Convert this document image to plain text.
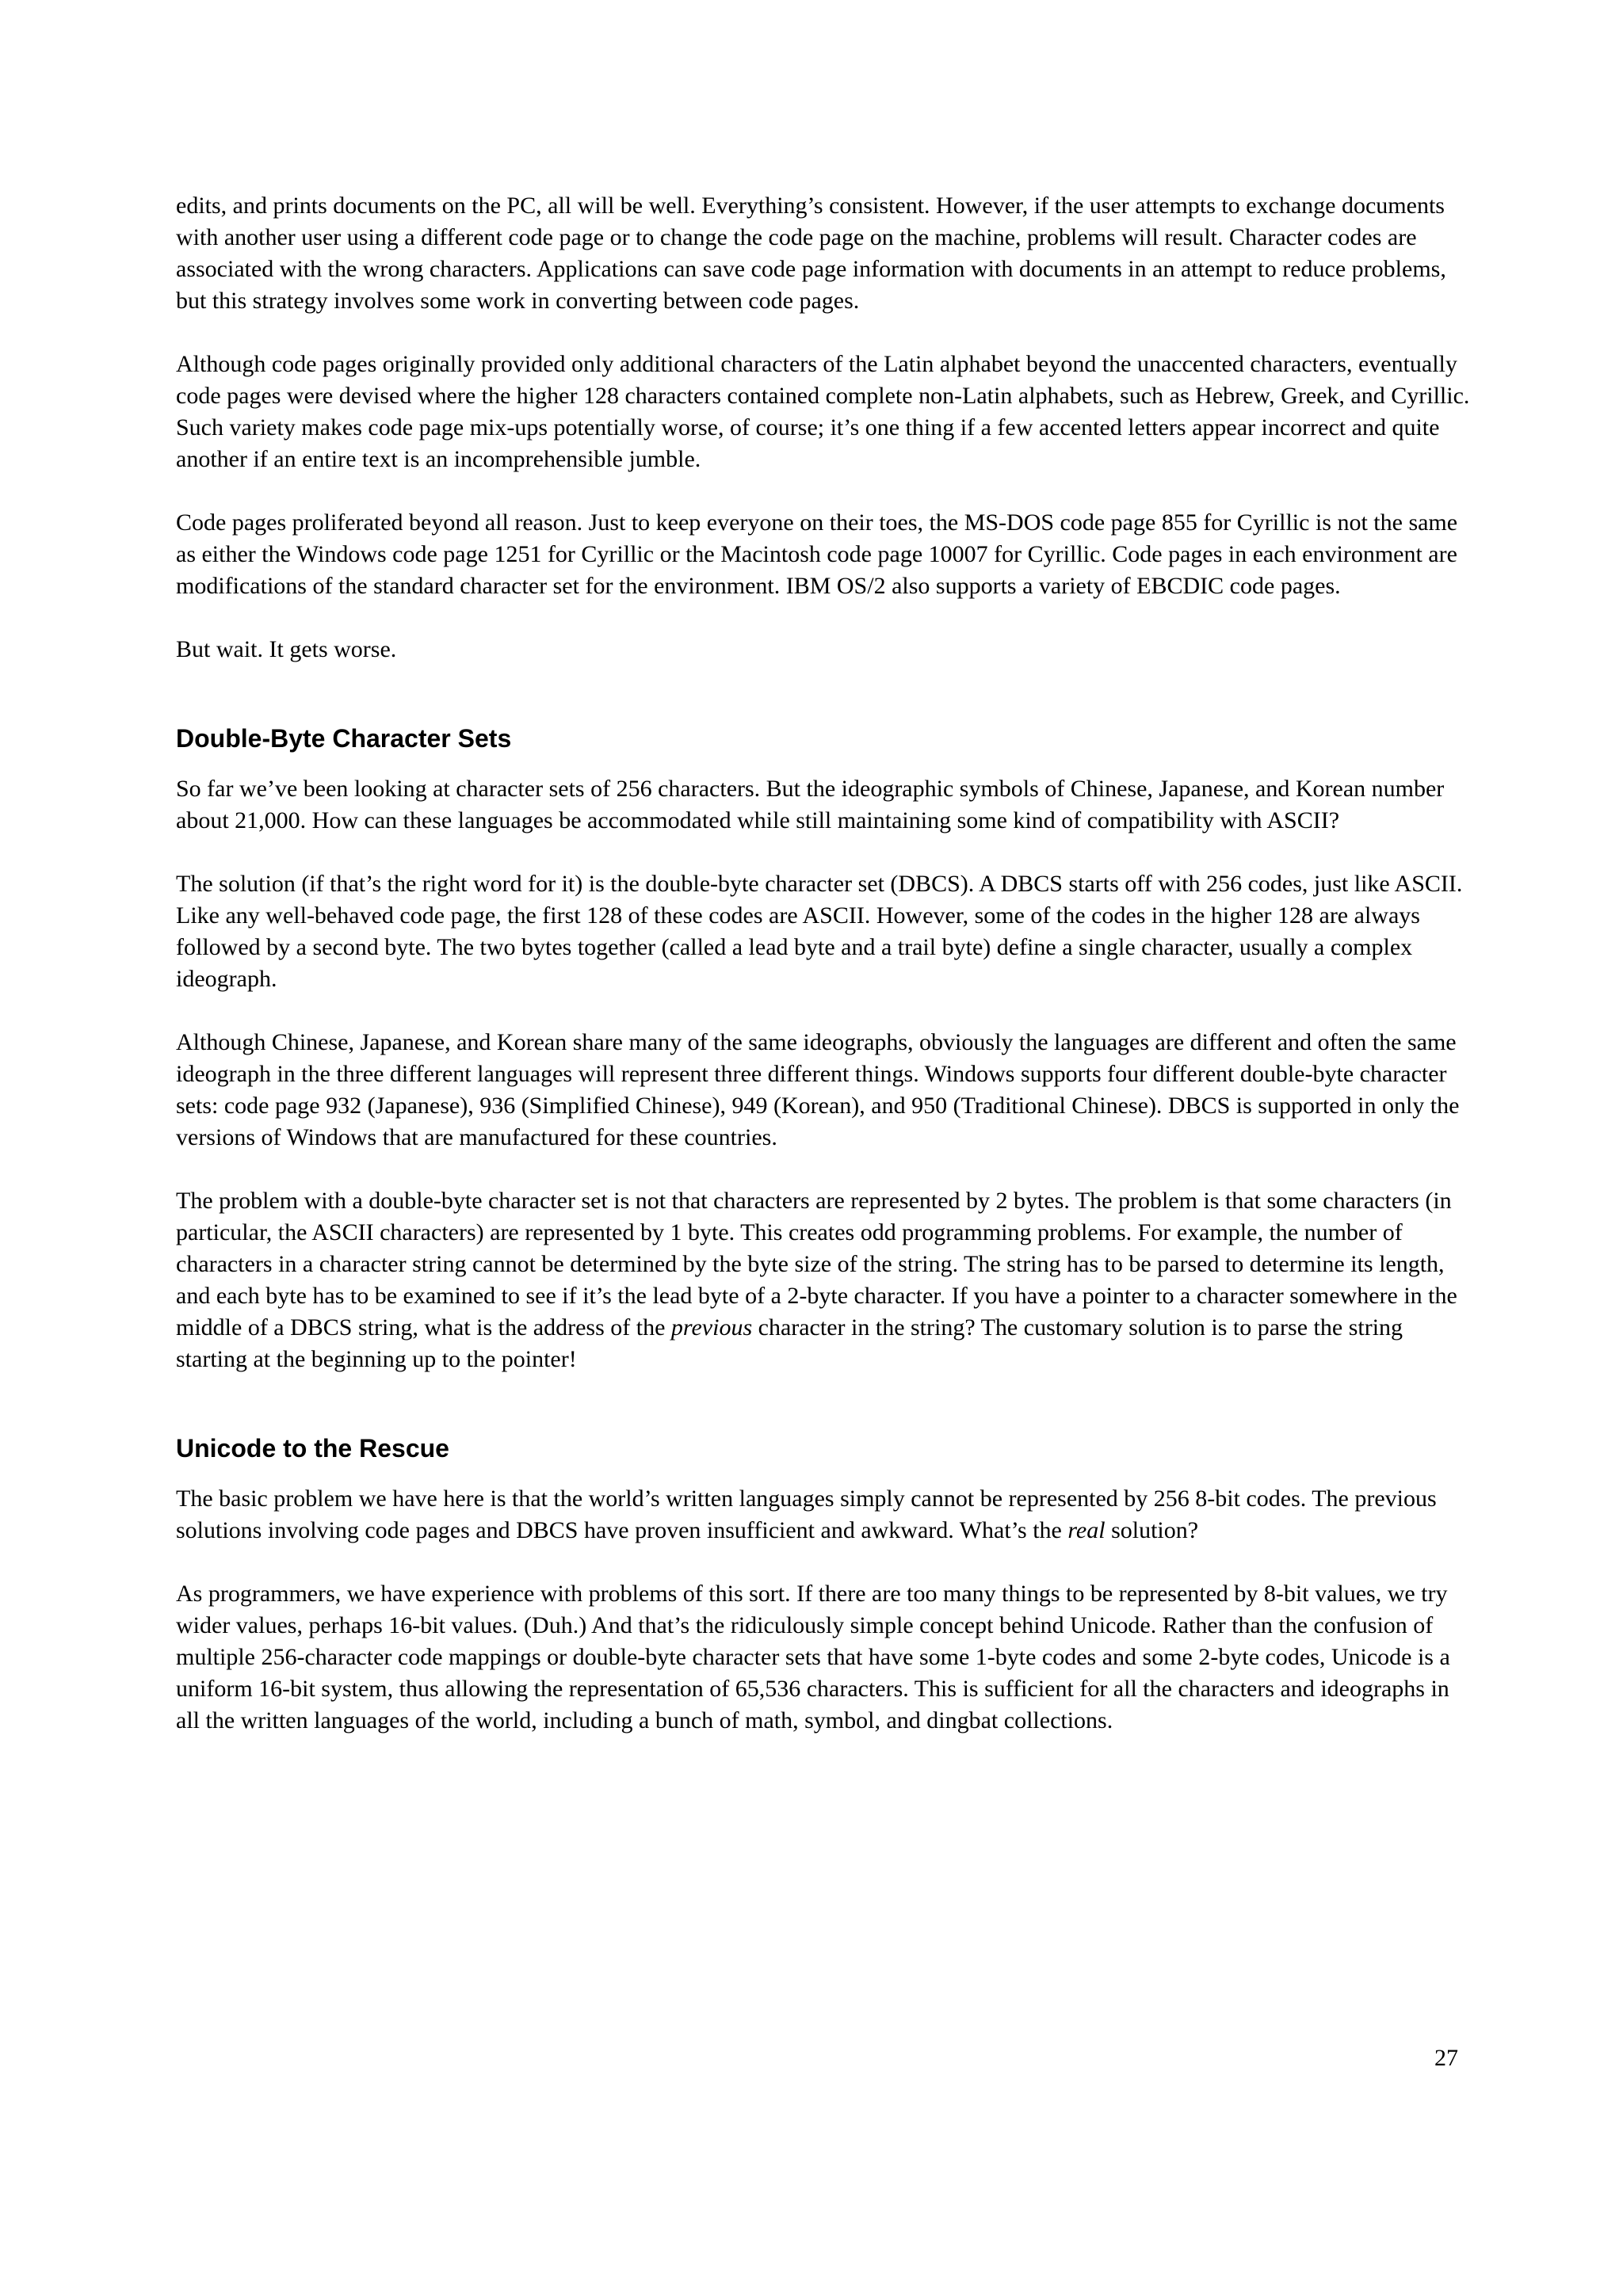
edits, and prints documents on the PC, all will be well. Everything’s consistent. However, if the user attempts to exchange documents with another user using a different code page or to change the code page on the machine, problems will result. Character codes are associated with the wrong characters. Applications can save code page information with documents in an attempt to reduce problems, but this strategy involves some work in converting between code pages.

Although code pages originally provided only additional characters of the Latin alphabet beyond the unaccented characters, eventually code pages were devised where the higher 128 characters contained complete non-Latin alphabets, such as Hebrew, Greek, and Cyrillic. Such variety makes code page mix-ups potentially worse, of course; it’s one thing if a few accented letters appear incorrect and quite another if an entire text is an incomprehensible jumble.

Code pages proliferated beyond all reason. Just to keep everyone on their toes, the MS-DOS code page 855 for Cyrillic is not the same as either the Windows code page 1251 for Cyrillic or the Macintosh code page 10007 for Cyrillic. Code pages in each environment are modifications of the standard character set for the environment. IBM OS/2 also supports a variety of EBCDIC code pages.

But wait. It gets worse.

Double-Byte Character Sets

So far we’ve been looking at character sets of 256 characters. But the ideographic symbols of Chinese, Japanese, and Korean number about 21,000. How can these languages be accommodated while still maintaining some kind of compatibility with ASCII?

The solution (if that’s the right word for it) is the double-byte character set (DBCS). A DBCS starts off with 256 codes, just like ASCII. Like any well-behaved code page, the first 128 of these codes are ASCII. However, some of the codes in the higher 128 are always followed by a second byte. The two bytes together (called a lead byte and a trail byte) define a single character, usually a complex ideograph.

Although Chinese, Japanese, and Korean share many of the same ideographs, obviously the languages are different and often the same ideograph in the three different languages will represent three different things. Windows supports four different double-byte character sets: code page 932 (Japanese), 936 (Simplified Chinese), 949 (Korean), and 950 (Traditional Chinese). DBCS is supported in only the versions of Windows that are manufactured for these countries.

The problem with a double-byte character set is not that characters are represented by 2 bytes. The problem is that some characters (in particular, the ASCII characters) are represented by 1 byte. This creates odd programming problems. For example, the number of characters in a character string cannot be determined by the byte size of the string. The string has to be parsed to determine its length, and each byte has to be examined to see if it’s the lead byte of a 2-byte character. If you have a pointer to a character somewhere in the middle of a DBCS string, what is the address of the previous character in the string? The customary solution is to parse the string starting at the beginning up to the pointer!

Unicode to the Rescue

The basic problem we have here is that the world’s written languages simply cannot be represented by 256 8-bit codes. The previous solutions involving code pages and DBCS have proven insufficient and awkward. What’s the real solution?

As programmers, we have experience with problems of this sort. If there are too many things to be represented by 8-bit values, we try wider values, perhaps 16-bit values. (Duh.) And that’s the ridiculously simple concept behind Unicode. Rather than the confusion of multiple 256-character code mappings or double-byte character sets that have some 1-byte codes and some 2-byte codes, Unicode is a uniform 16-bit system, thus allowing the representation of 65,536 characters. This is sufficient for all the characters and ideographs in all the written languages of the world, including a bunch of math, symbol, and dingbat collections.

27
